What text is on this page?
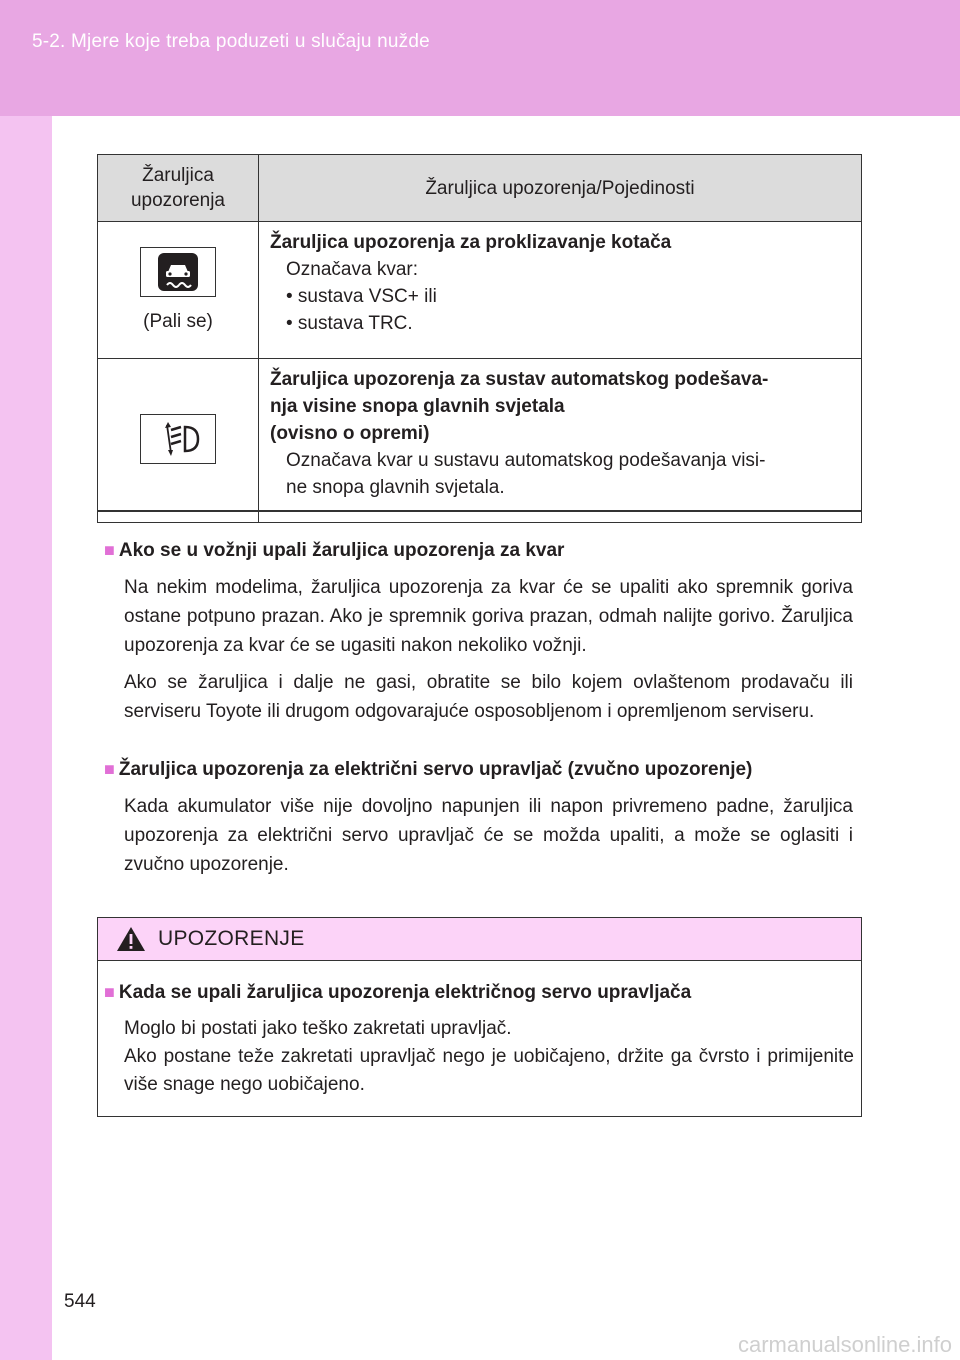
5-2. Mjere koje treba poduzeti u slučaju nužde
Žaruljica upozorenja	Žaruljica upozorenja/Pojedinosti

(Pali se)	Žaruljica upozorenja za proklizavanje kotača
Označava kvar:
• sustava VSC+ ili
• sustava TRC.

Žaruljica upozorenja za sustav automatskog podešava-
nja visine snopa glavnih svjetala
(ovisno o opremi)
Označava kvar u sustavu automatskog podešavanja visi-
ne snopa glavnih svjetala.
■ Ako se u vožnji upali žaruljica upozorenja za kvar
Na nekim modelima, žaruljica upozorenja za kvar će se upaliti ako spremnik goriva ostane potpuno prazan. Ako je spremnik goriva prazan, odmah nalijte gorivo. Žaruljica upozorenja za kvar će se ugasiti nakon nekoliko vožnji.
Ako se žaruljica i dalje ne gasi, obratite se bilo kojem ovlaštenom prodavaču ili serviseru Toyote ili drugom odgovarajuće osposobljenom i opremljenom serviseru.
■ Žaruljica upozorenja za električni servo upravljač (zvučno upozorenje)
Kada akumulator više nije dovoljno napunjen ili napon privremeno padne, žaruljica upozorenja za električni servo upravljač će se možda upaliti, a može se oglasiti i zvučno upozorenje.
UPOZORENJE
■ Kada se upali žaruljica upozorenja električnog servo upravljača
Moglo bi postati jako teško zakretati upravljač.
Ako postane teže zakretati upravljač nego je uobičajeno, držite ga čvrsto i primijenite više snage nego uobičajeno.
544
carmanualsonline.info
